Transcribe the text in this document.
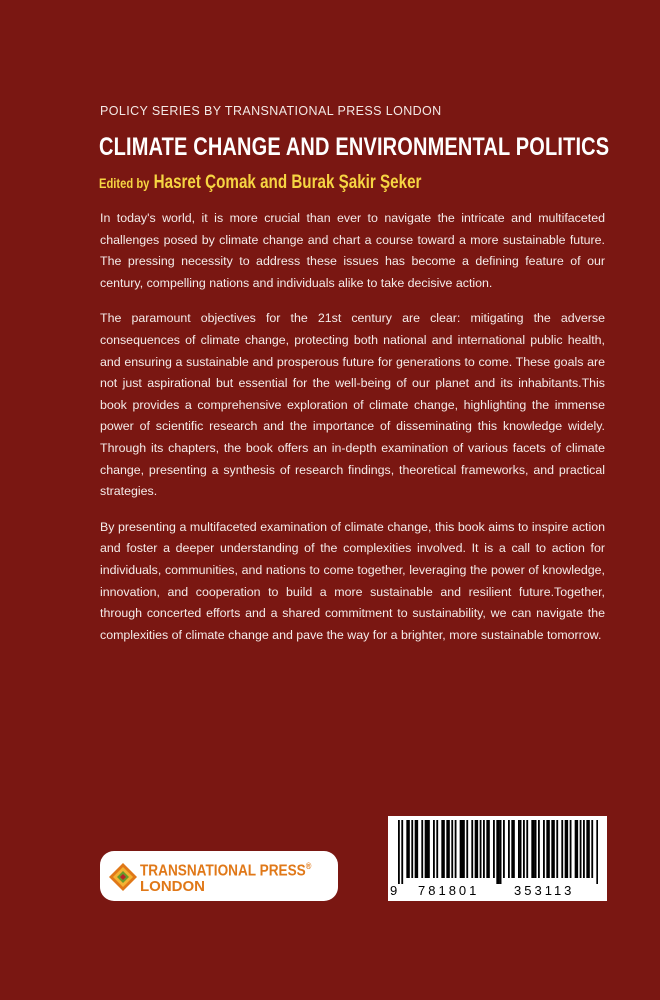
POLICY SERIES BY TRANSNATIONAL PRESS LONDON
CLIMATE CHANGE AND ENVIRONMENTAL POLITICS
Edited by Hasret Çomak and Burak Şakir Şeker

In today's world, it is more crucial than ever to navigate the intricate and multifaceted challenges posed by climate change and chart a course toward a more sustainable future. The pressing necessity to address these issues has become a defining feature of our century, compelling nations and individuals alike to take decisive action.

The paramount objectives for the 21st century are clear: mitigating the adverse consequences of climate change, protecting both national and international public health, and ensuring a sustainable and prosperous future for generations to come. These goals are not just aspirational but essential for the well-being of our planet and its inhabitants.This book provides a comprehensive exploration of climate change, highlighting the immense power of scientific research and the importance of disseminating this knowledge widely. Through its chapters, the book offers an in-depth examination of various facets of climate change, presenting a synthesis of research findings, theoretical frameworks, and practical strategies.

By presenting a multifaceted examination of climate change, this book aims to inspire action and foster a deeper understanding of the complexities involved. It is a call to action for individuals, communities, and nations to come together, leveraging the power of knowledge, innovation, and cooperation to build a more sustainable and resilient future.Together, through concerted efforts and a shared commitment to sustainability, we can navigate the complexities of climate change and pave the way for a brighter, more sustainable tomorrow.

TRANSNATIONAL PRESS®
LONDON	9 781801	353113
